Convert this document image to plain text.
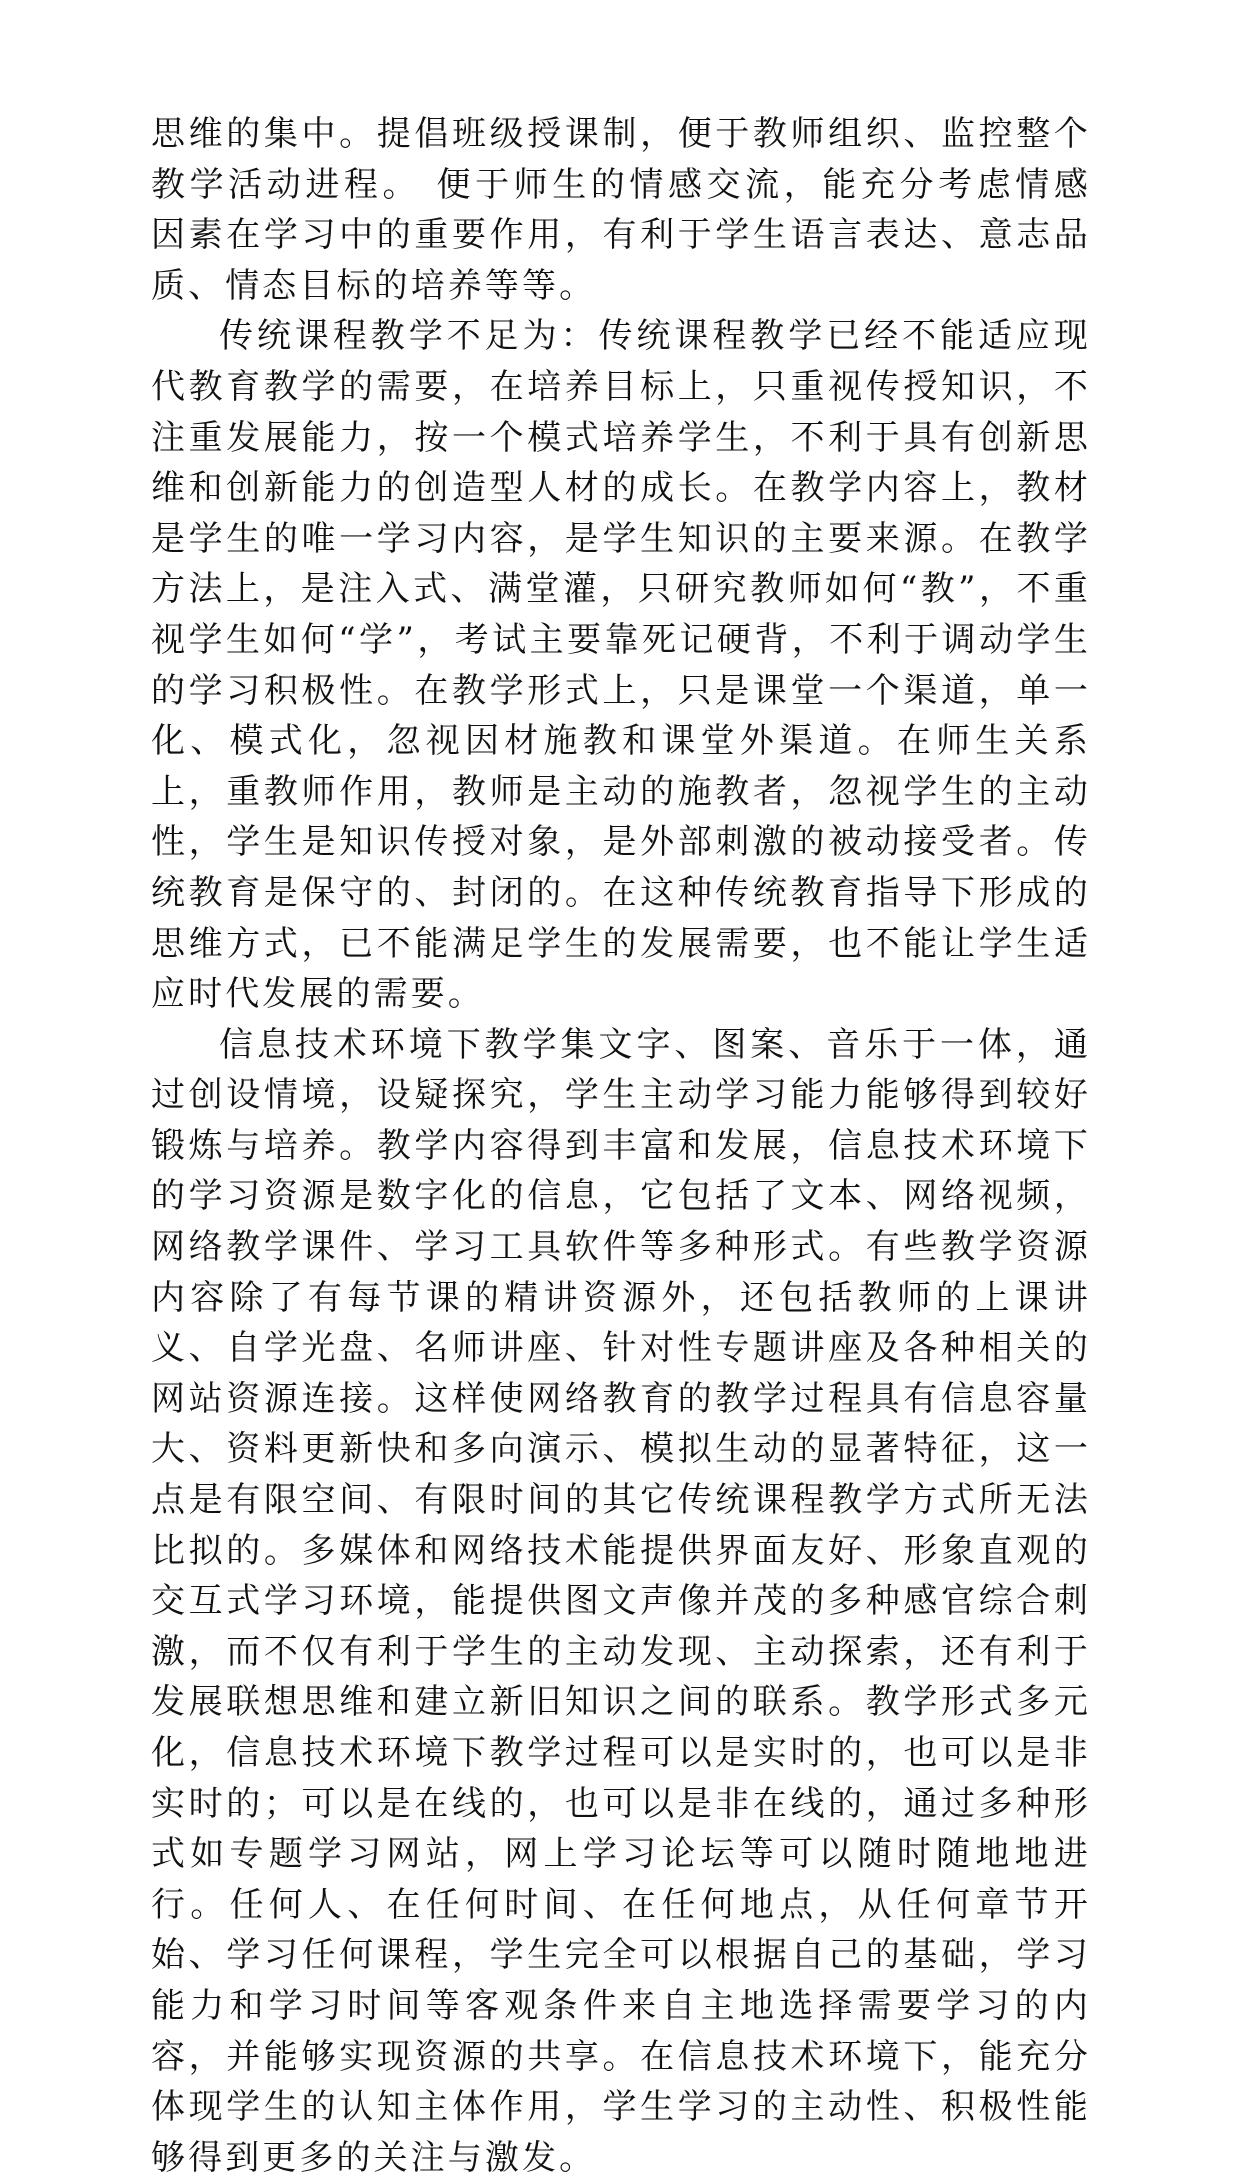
思维的集中。提倡班级授课制，便于教师组织、监控整个教学活动进程。 便于师生的情感交流，能充分考虑情感因素在学习中的重要作用，有利于学生语言表达、意志品质、情态目标的培养等等。

传统课程教学不足为：传统课程教学已经不能适应现代教育教学的需要，在培养目标上，只重视传授知识，不注重发展能力，按一个模式培养学生，不利于具有创新思维和创新能力的创造型人材的成长。在教学内容上，教材是学生的唯一学习内容，是学生知识的主要来源。在教学方法上，是注入式、满堂灌，只研究教师如何“教”，不重视学生如何“学”，考试主要靠死记硬背，不利于调动学生的学习积极性。在教学形式上，只是课堂一个渠道，单一化、模式化，忽视因材施教和课堂外渠道。在师生关系上，重教师作用，教师是主动的施教者，忽视学生的主动性，学生是知识传授对象，是外部刺激的被动接受者。传统教育是保守的、封闭的。在这种传统教育指导下形成的思维方式，已不能满足学生的发展需要，也不能让学生适应时代发展的需要。

信息技术环境下教学集文字、图案、音乐于一体，通过创设情境，设疑探究，学生主动学习能力能够得到较好锻炼与培养。教学内容得到丰富和发展，信息技术环境下的学习资源是数字化的信息，它包括了文本、网络视频，网络教学课件、学习工具软件等多种形式。有些教学资源内容除了有每节课的精讲资源外，还包括教师的上课讲义、自学光盘、名师讲座、针对性专题讲座及各种相关的网站资源连接。这样使网络教育的教学过程具有信息容量大、资料更新快和多向演示、模拟生动的显著特征，这一点是有限空间、有限时间的其它传统课程教学方式所无法比拟的。多媒体和网络技术能提供界面友好、形象直观的交互式学习环境，能提供图文声像并茂的多种感官综合刺激，而不仅有利于学生的主动发现、主动探索，还有利于发展联想思维和建立新旧知识之间的联系。教学形式多元化，信息技术环境下教学过程可以是实时的，也可以是非实时的；可以是在线的，也可以是非在线的，通过多种形式如专题学习网站，网上学习论坛等可以随时随地地进行。任何人、在任何时间、在任何地点，从任何章节开始、学习任何课程，学生完全可以根据自己的基础，学习能力和学习时间等客观条件来自主地选择需要学习的内容，并能够实现资源的共享。在信息技术环境下，能充分体现学生的认知主体作用，学生学习的主动性、积极性能够得到更多的关注与激发。
